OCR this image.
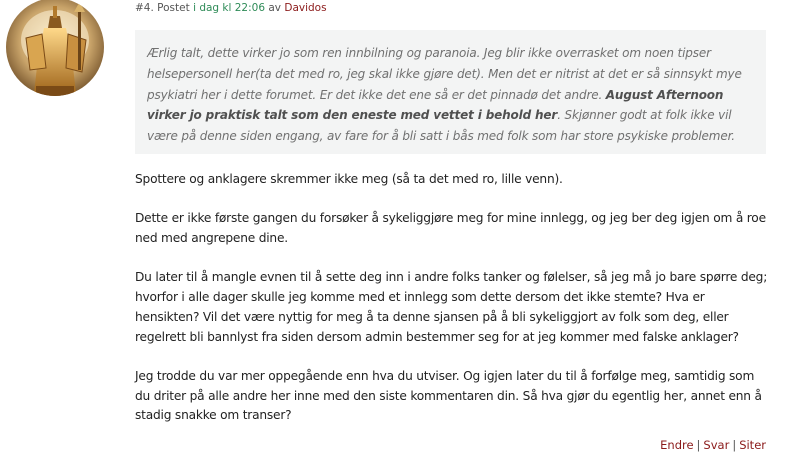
#4. Postet i dag kl 22:06 av Davidos
Ærlig talt, dette virker jo som ren innbilning og paranoia. Jeg blir ikke overrasket om noen tipser helsepersonell her(ta det med ro, jeg skal ikke gjøre det). Men det er nitrist at det er så sinnsykt mye psykiatri her i dette forumet. Er det ikke det ene så er det pinnadø det andre. August Afternoon virker jo praktisk talt som den eneste med vettet i behold her. Skjønner godt at folk ikke vil være på denne siden engang, av fare for å bli satt i bås med folk som har store psykiske problemer.

Spottere og anklagere skremmer ikke meg (så ta det med ro, lille venn).

Dette er ikke første gangen du forsøker å sykeliggjøre meg for mine innlegg, og jeg ber deg igjen om å roe ned med angrepene dine.

Du later til å mangle evnen til å sette deg inn i andre folks tanker og følelser, så jeg må jo bare spørre deg; hvorfor i alle dager skulle jeg komme med et innlegg som dette dersom det ikke stemte? Hva er hensikten? Vil det være nyttig for meg å ta denne sjansen på å bli sykeliggjort av folk som deg, eller regelrett bli bannlyst fra siden dersom admin bestemmer seg for at jeg kommer med falske anklager?

Jeg trodde du var mer oppegående enn hva du utviser. Og igjen later du til å forfølge meg, samtidig som du driter på alle andre her inne med den siste kommentaren din. Så hva gjør du egentlig her, annet enn å stadig snakke om transer?

Endre | Svar | Siter
